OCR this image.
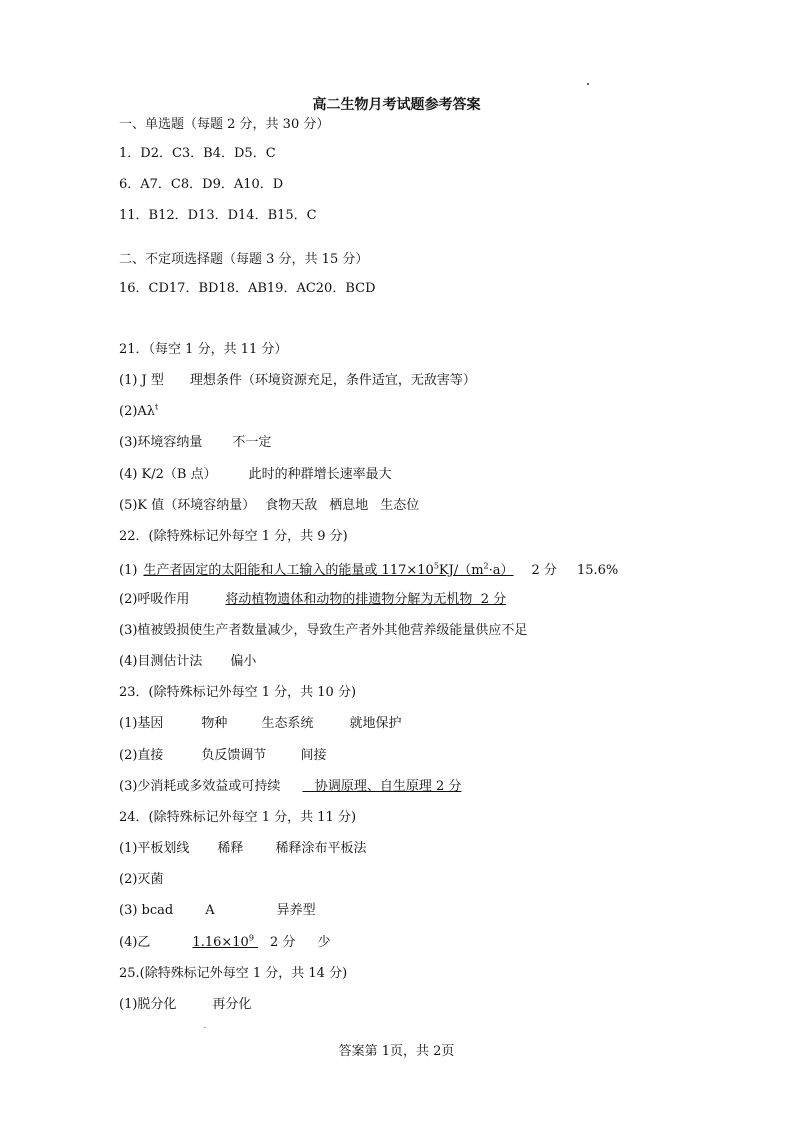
高二生物月考试题参考答案
一、单选题（每题 2 分，共 30 分）
1．D2．C3．B4．D5．C
6．A7．C8．D9．A10．D
11．B12．D13．D14．B15．C
二、不定项选择题（每题 3 分，共 15 分）
16．CD17．BD18．AB19．AC20．BCD
21．（每空 1 分，共 11 分）
(1) J 型 理想条件（环境资源充足，条件适宜，无敌害等）
$(2)A\lambda^t$
(3)环境容纳量 不一定
(4) K/2（B 点） 此时的种群增长速率最大
(5)K 值（环境容纳量） 食物天敌 栖息地 生态位
22．(除特殊标记外每空 1 分，共 9 分)
(1) 生产者固定的太阳能和人工输入的能量或 $117\times 10^5KJ/(m^2\cdot a)$ 2 分 15.6%
(2)呼吸作用	将动植物遗体和动物的排遗物分解为无机物 2 分
(3)植被毁损使生产者数量减少，导致生产者外其他营养级能量供应不足
(4)目测估计法 偏小
23．(除特殊标记外每空 1 分，共 10 分)
(1)基因	物种	生态系统	就地保护
(2)直接	负反馈调节	间接
(3)少消耗或多效益或可持续	协调原理、自生原理 2 分
24．(除特殊标记外每空 1 分，共 11 分)
(1)平板划线 稀释 稀释涂布平板法
(2)灭菌
(3) bcad A	异养型
(4)乙	$1.16\times 10^9$ 2 分 少
25.(除特殊标记外每空 1 分，共 14 分)
(1)脱分化	再分化
答案第 1页，共 2页
